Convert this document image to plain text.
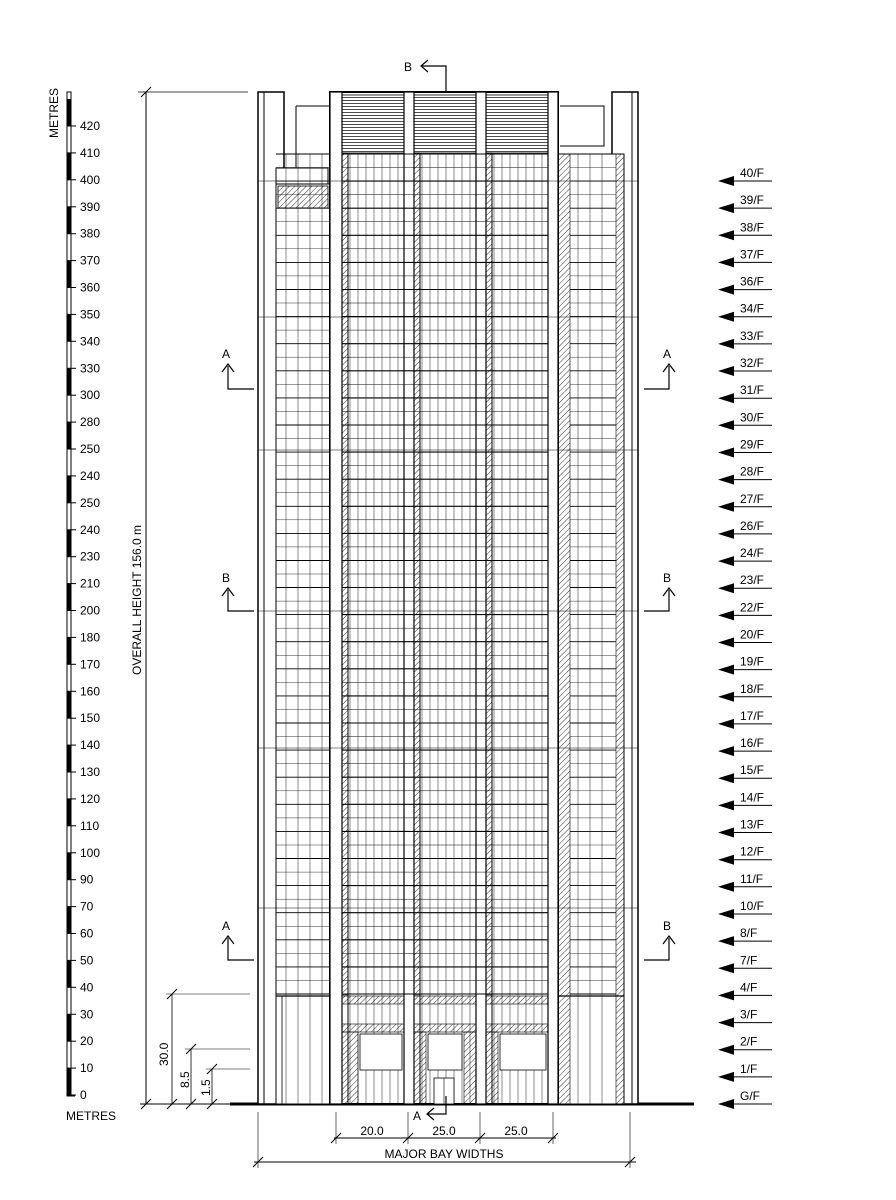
METRES 420
410
400
390
380
370
360
350
340
330
300
280
250
240
250
240
230
210
200
180
170
160
150
140
130
120
110
100
90
70
60
50
40
30
20
10
0
METRES
OVERALL HEIGHT 156.0 m
30.0
8.5 1.5
B
A
A
B
A
A
B
B
40/F
39/F
38/F
37/F
36/F
34/F
33/F
32/F
31/F
30/F
29/F
28/F
27/F
26/F
24/F
23/F
22/F
20/F
19/F
18/F
17/F
16/F
15/F
14/F
13/F
12/F
11/F
10/F
8/F
7/F
4/F
3/F
2/F
1/F
G/F
20.0	25.0	25.0
MAJOR BAY WIDTHS
